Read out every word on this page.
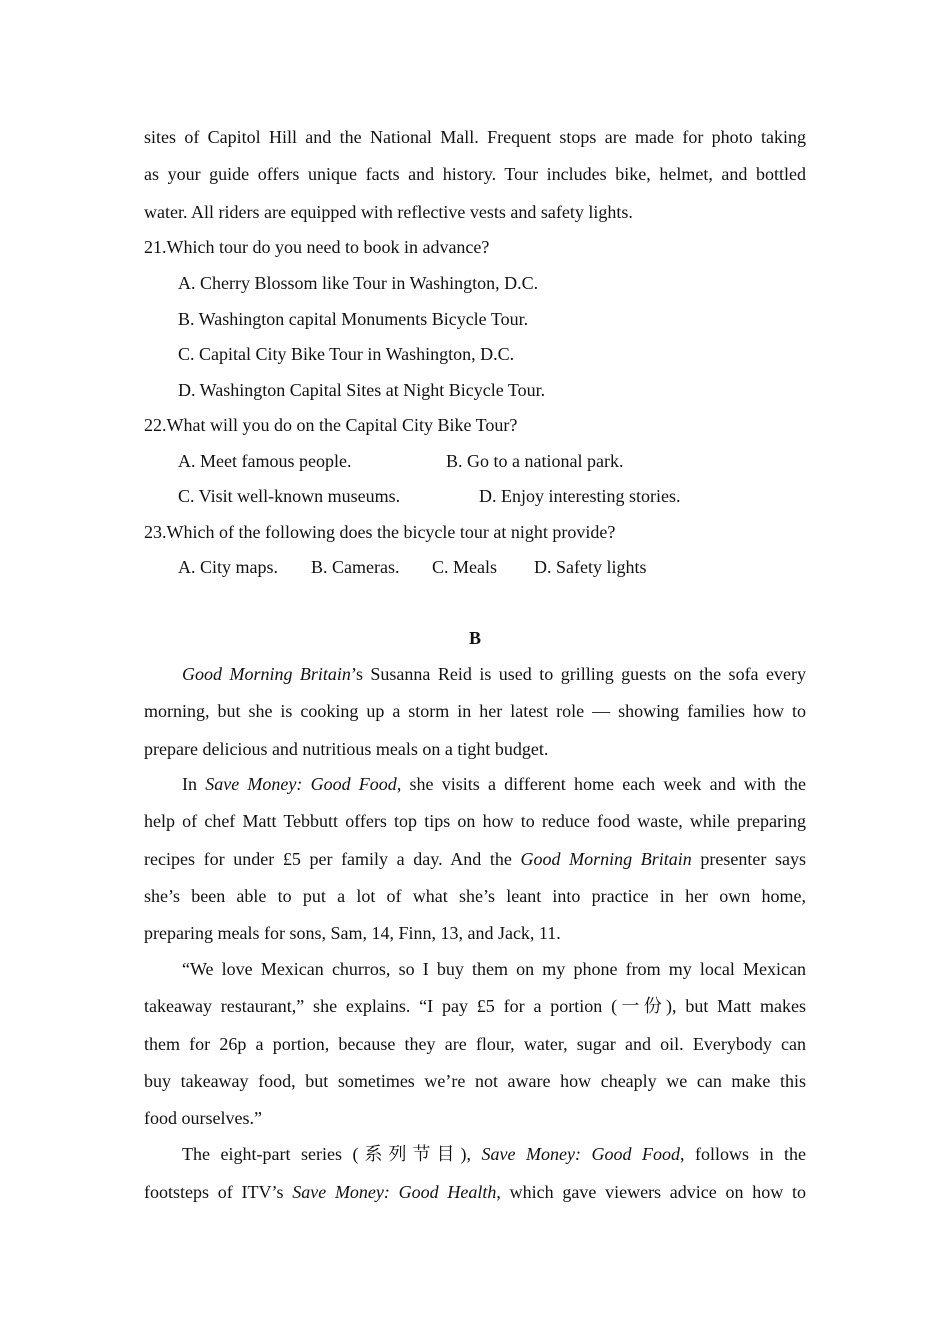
sites of Capitol Hill and the National Mall. Frequent stops are made for photo taking
as your guide offers unique facts and history. Tour includes bike, helmet, and bottled
water. All riders are equipped with reflective vests and safety lights.
21.Which tour do you need to book in advance?
A. Cherry Blossom like Tour in Washington, D.C.
B. Washington capital Monuments Bicycle Tour.
C. Capital City Bike Tour in Washington, D.C.
D. Washington Capital Sites at Night Bicycle Tour.
22.What will you do on the Capital City Bike Tour?
A. Meet famous people.	B. Go to a national park.
C. Visit well-known museums.	D. Enjoy interesting stories.
23.Which of the following does the bicycle tour at night provide?
A. City maps. B. Cameras. C. Meals D. Safety lights
B
Good Morning Britain’s Susanna Reid is used to grilling guests on the sofa every
morning, but she is cooking up a storm in her latest role — showing families how to
prepare delicious and nutritious meals on a tight budget.
In Save Money: Good Food, she visits a different home each week and with the
help of chef Matt Tebbutt offers top tips on how to reduce food waste, while preparing
recipes for under £5 per family a day. And the Good Morning Britain presenter says
she’s been able to put a lot of what she’s leant into practice in her own home,
preparing meals for sons, Sam, 14, Finn, 13, and Jack, 11.
“We love Mexican churros, so I buy them on my phone from my local Mexican
takeaway restaurant,” she explains. “I pay £5 for a portion (一份), but Matt makes
them for 26p a portion, because they are flour, water, sugar and oil. Everybody can
buy takeaway food, but sometimes we’re not aware how cheaply we can make this
food ourselves.”
The eight-part series (系列节目), Save Money: Good Food, follows in the
footsteps of ITV’s Save Money: Good Health, which gave viewers advice on how to
